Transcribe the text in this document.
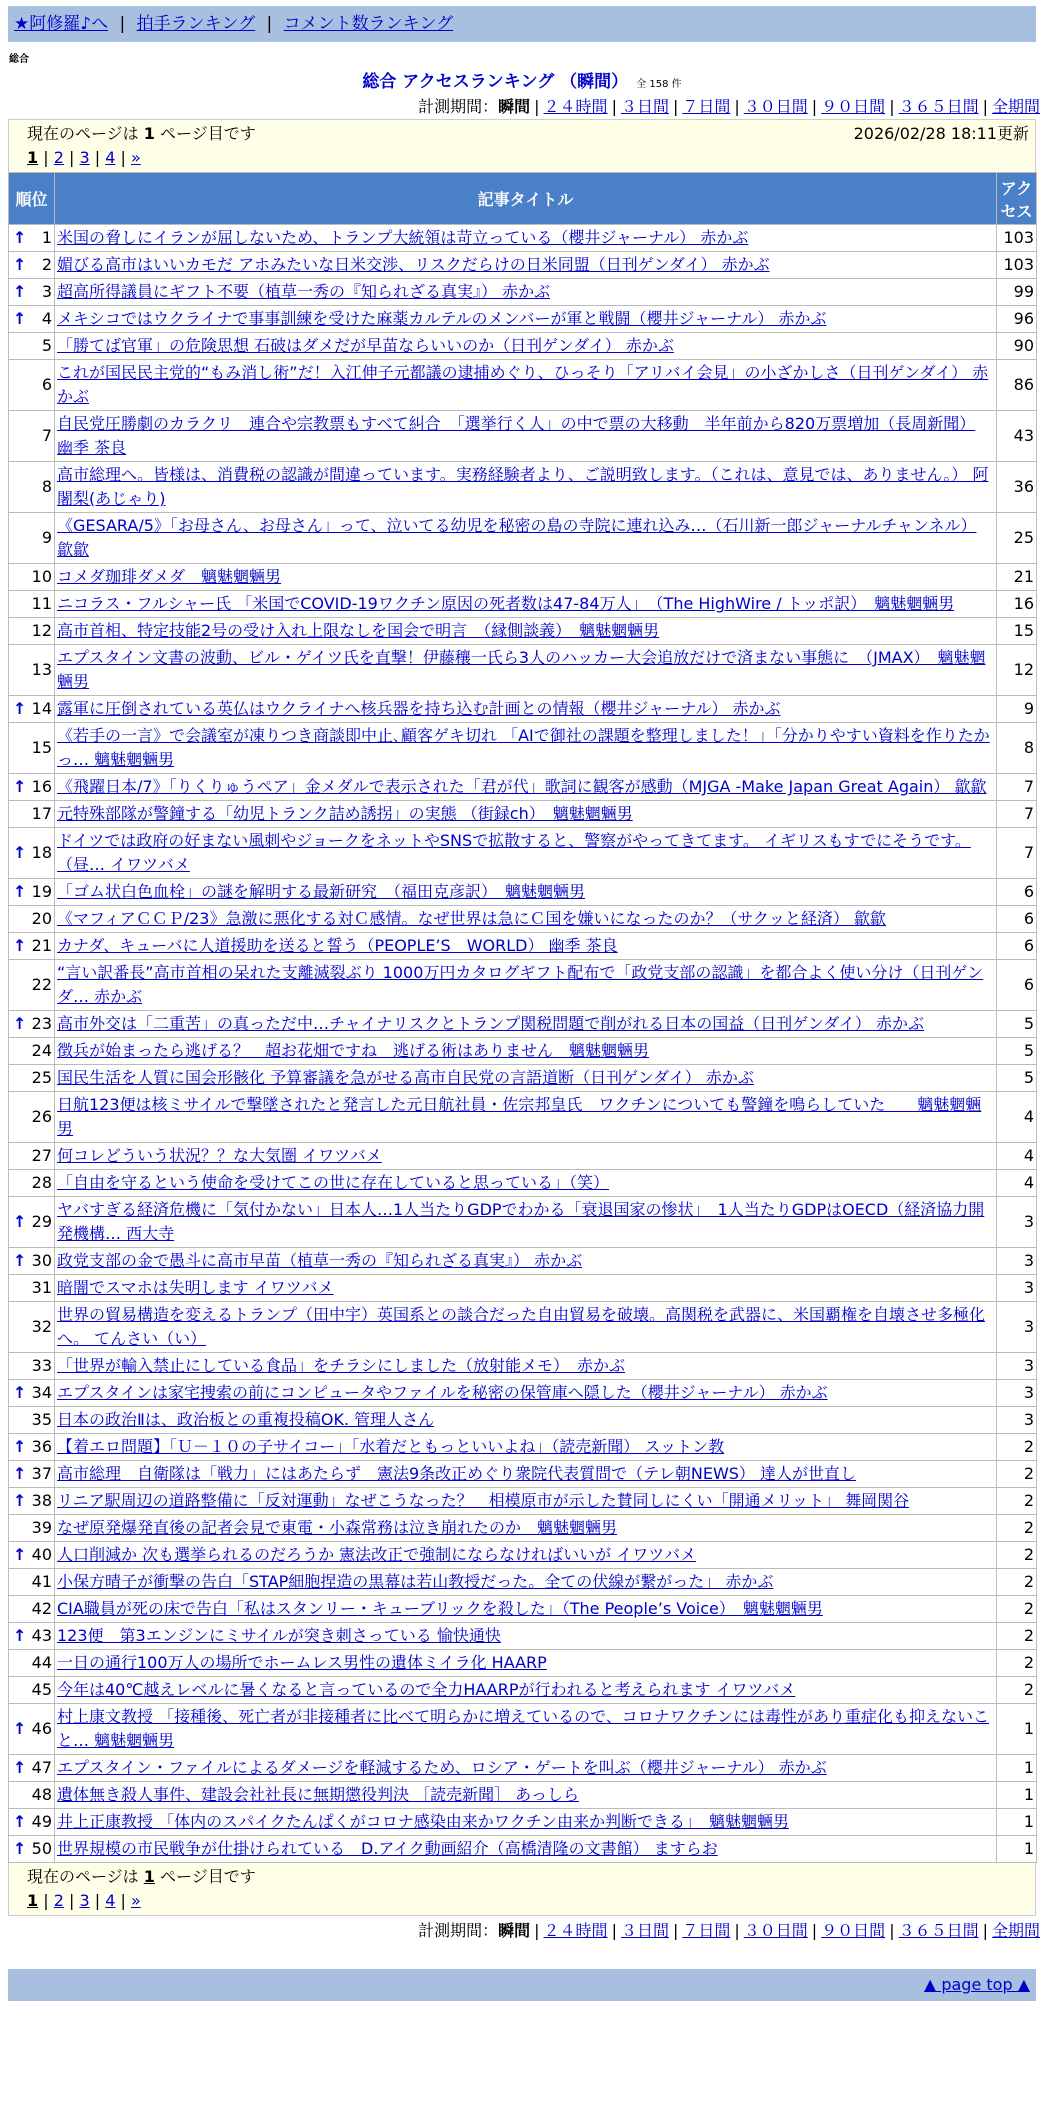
★阿修羅♪へ | 拍手ランキング | コメント数ランキング
総合
総合 アクセスランキング （瞬間） 全 158 件
計測期間：瞬間 | ２４時間 | ３日間 | ７日間 | ３０日間 | ９０日間 | ３６５日間 | 全期間
現在のページは 1 ページ目です	2026/02/28 18:11更新
1 | 2 | 3 | 4 | »
順位	記事タイトル	アクセス

↑ 1	米国の脅しにイランが屈しないため、トランプ大統領は苛立っている（櫻井ジャーナル） 赤かぶ	103

↑ 2	媚びる高市はいいカモだ アホみたいな日米交渉、リスクだらけの日米同盟（日刊ゲンダイ） 赤かぶ	103

↑ 3	超高所得議員にギフト不要（植草一秀の『知られざる真実』） 赤かぶ	99

↑ 4	メキシコではウクライナで事事訓練を受けた麻薬カルテルのメンバーが軍と戦闘（櫻井ジャーナル） 赤かぶ	96
5	「勝てば官軍」の危険思想 石破はダメだが早苗ならいいのか（日刊ゲンダイ） 赤かぶ	90
6	これが国民民主党的“もみ消し術”だ！入江伸子元都議の逮捕めぐり、ひっそり「アリバイ会見」の小ざかしさ（日刊ゲンダイ） 赤かぶ	86
7	自民党圧勝劇のカラクリ　連合や宗教票もすべて糾合　「選挙行く人」の中で票の大移動　半年前から820万票増加（長周新聞） 幽季 茶良	43
8	高市総理へ。皆様は、消費税の認識が間違っています。実務経験者より、ご説明致します。（これは、意見では、ありません。） 阿闍梨(あじゃり)	36
9	《GESARA/5》「お母さん、お母さん」って、泣いてる幼児を秘密の島の寺院に連れ込み…（石川新一郎ジャーナルチャンネル） 歙歙	25
10	コメダ珈琲ダメダ　魑魅魍魎男	21
11	ニコラス・フルシャー氏 「米国でCOVID-19ワクチン原因の死者数は47-84万人」　（The HighWire / トッポ訳）　魑魅魍魎男	16
12	高市首相、特定技能2号の受け入れ上限なしを国会で明言　（縁側談義）　魑魅魍魎男	15
13	エプスタイン文書の波動、ビル・ゲイツ氏を直撃！伊藤穰一氏ら3人のハッカー大会追放だけで済まない事態に　（JMAX）　魑魅魍魎男	12

↑ 14	露軍に圧倒されている英仏はウクライナへ核兵器を持ち込む計画との情報（櫻井ジャーナル） 赤かぶ	9
15	《若手の一言》で会議室が凍りつき商談即中止､顧客ゲキ切れ 「AIで御社の課題を整理しました！｣「分かりやすい資料を作りたかっ… 魑魅魍魎男	8

↑ 16	《飛躍日本/7》「りくりゅうペア」金メダルで表示された「君が代」歌詞に観客が感動（MJGA -Make Japan Great Again） 歙歙	7
17	元特殊部隊が警鐘する「幼児トランク詰め誘拐」の実態 （街録ch）　魑魅魍魎男	7

↑ 18	ドイツでは政府の好まない風刺やジョークをネットやSNSで拡散すると、警察がやってきてます。 イギリスもすでにそうです。（昼… イワツバメ	7

↑ 19	「ゴム状白色血栓」の謎を解明する最新研究　（福田克彦訳）　魑魅魍魎男	6
20	《マフィアＣＣＰ/23》急激に悪化する対Ｃ感情。なぜ世界は急にＣ国を嫌いになったのか？（サクッと経済） 歙歙	6

↑ 21	カナダ、キューバに人道援助を送ると誓う（PEOPLE’S　WORLD） 幽季 茶良	6
22	“言い訳番長”高市首相の呆れた支離滅裂ぶり 1000万円カタログギフト配布で「政党支部の認識」を都合よく使い分け（日刊ゲンダ… 赤かぶ	6

↑ 23	高市外交は「二重苦」の真っただ中…チャイナリスクとトランプ関税問題で削がれる日本の国益（日刊ゲンダイ） 赤かぶ	5
24	徴兵が始まったら逃げる？　超お花畑ですね　逃げる術はありません　魑魅魍魎男	5
25	国民生活を人質に国会形骸化 予算審議を急がせる高市自民党の言語道断（日刊ゲンダイ） 赤かぶ	5
26	日航123便は核ミサイルで撃墜されたと発言した元日航社員・佐宗邦皇氏　ワクチンについても警鐘を鳴らしていた　　魑魅魍魎男	4
27	何コレどういう状況？？な大気圏 イワツバメ	4
28	「自由を守るという使命を受けてこの世に存在していると思っている」（笑）	4

↑ 29	ヤバすぎる経済危機に「気付かない」日本人…1人当たりGDPでわかる「衰退国家の惨状」　1人当たりGDPはOECD（経済協力開発機構… 西大寺	3

↑ 30	政党支部の金で愚斗に高市早苗（植草一秀の『知られざる真実』） 赤かぶ	3
31	暗闇でスマホは失明します イワツバメ	3
32	世界の貿易構造を変えるトランプ（田中宇）英国系との談合だった自由貿易を破壊。高関税を武器に、米国覇権を自壊させ多極化へ。 てんさい（い）	3
33	「世界が輸入禁止にしている食品」をチラシにしました（放射能メモ）　赤かぶ	3

↑ 34	エプスタインは家宅捜索の前にコンピュータやファイルを秘密の保管庫へ隠した（櫻井ジャーナル） 赤かぶ	3
35	日本の政治Ⅱは、政治板との重複投稿OK. 管理人さん	3

↑ 36	【着エロ問題】「Ｕ－１０の子サイコー」「水着だともっといいよね」（読売新聞） スットン教	2

↑ 37	高市総理　自衛隊は「戦力」にはあたらず　憲法9条改正めぐり衆院代表質問で（テレ朝NEWS） 達人が世直し	2

↑ 38	リニア駅周辺の道路整備に「反対運動」なぜこうなった？　相模原市が示した賛同しにくい「開通メリット」 舞岡関谷	2
39	なぜ原発爆発直後の記者会見で東電・小森常務は泣き崩れたのか　魑魅魍魎男	2

↑ 40	人口削減か 次も選挙られるのだろうか 憲法改正で強制にならなければいいが イワツバメ	2
41	小保方晴子が衝撃の告白「STAP細胞捏造の黒幕は若山教授だった。全ての伏線が繋がった」 赤かぶ	2
42	CIA職員が死の床で告白「私はスタンリー・キューブリックを殺した」（The People’s Voice）　魑魅魍魎男	2

↑ 43	123便　第3エンジンにミサイルが突き刺さっている 愉快通快	2
44	一日の通行100万人の場所でホームレス男性の遺体ミイラ化 HAARP	2
45	今年は40℃越えレベルに暑くなると言っているので全力HAARPが行われると考えられます イワツバメ	2

↑ 46	村上康文教授 「接種後、死亡者が非接種者に比べて明らかに増えているので、コロナワクチンには毒性があり重症化も抑えないこと… 魑魅魍魎男	1

↑ 47	エプスタイン・ファイルによるダメージを軽減するため、ロシア・ゲートを叫ぶ（櫻井ジャーナル） 赤かぶ	1
48	遺体無き殺人事件、建設会社社長に無期懲役判決 ［読売新聞］ あっしら	1

↑ 49	井上正康教授 「体内のスパイクたんぱくがコロナ感染由来かワクチン由来か判断できる」　魑魅魍魎男	1

↑ 50	世界規模の市民戦争が仕掛けられている　D.アイク動画紹介（高橋清隆の文書館） ますらお	1
現在のページは 1 ページ目です
1 | 2 | 3 | 4 | »
計測期間：瞬間 | ２４時間 | ３日間 | ７日間 | ３０日間 | ９０日間 | ３６５日間 | 全期間
▲ page top ▲
